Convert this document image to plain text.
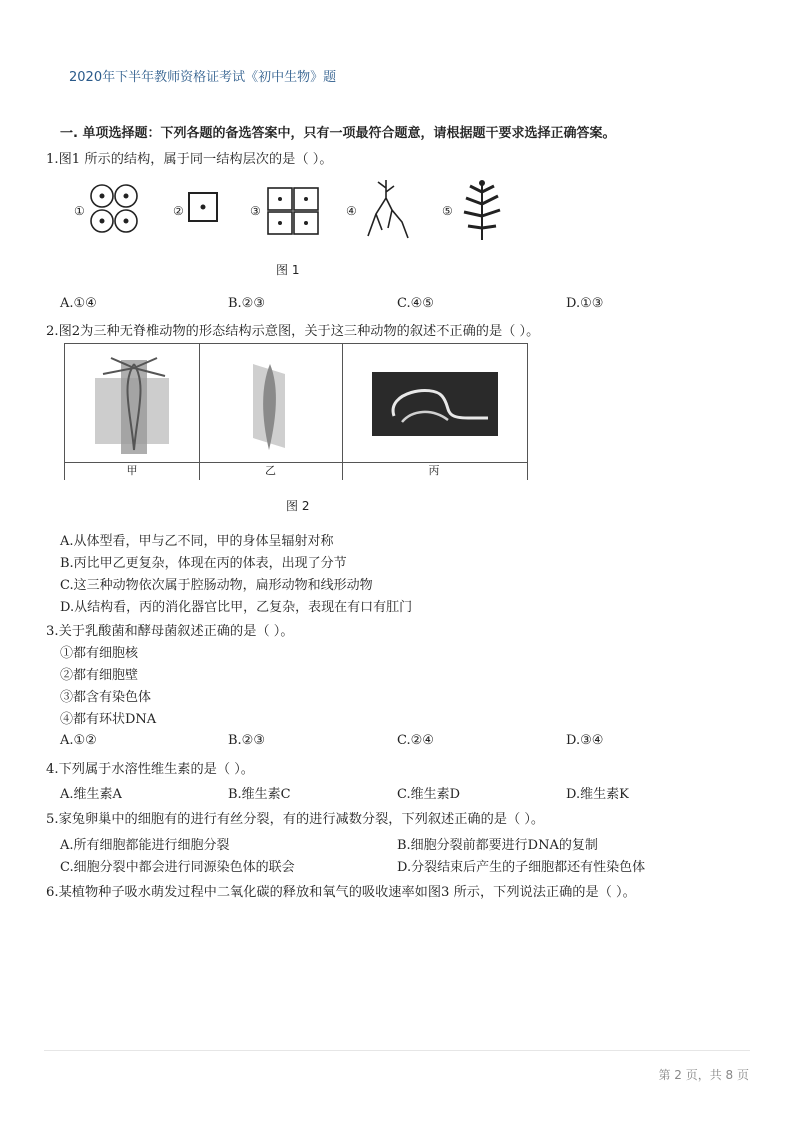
2020年下半年教师资格证考试《初中生物》题
一. 单项选择题：下列各题的备选答案中，只有一项最符合题意，请根据题干要求选择正确答案。
1.图1 所示的结构，属于同一结构层次的是（ ）。
①	②	③	④	⑤
图 1
A.①④	B.②③	C.④⑤	D.①③
2.图2为三种无脊椎动物的形态结构示意图，关于这三种动物的叙述不正确的是（ ）。
甲	乙	丙
图 2
A.从体型看，甲与乙不同，甲的身体呈辐射对称
B.丙比甲乙更复杂，体现在丙的体表，出现了分节
C.这三种动物依次属于腔肠动物，扁形动物和线形动物
D.从结构看，丙的消化器官比甲，乙复杂，表现在有口有肛门
3.关于乳酸菌和酵母菌叙述正确的是（ ）。
①都有细胞核
②都有细胞壁
③都含有染色体
④都有环状DNA
A.①②	B.②③	C.②④	D.③④
4.下列属于水溶性维生素的是（ ）。
A.维生素A	B.维生素C	C.维生素D	D.维生素K
5.家兔卵巢中的细胞有的进行有丝分裂，有的进行减数分裂，下列叙述正确的是（ ）。
A.所有细胞都能进行细胞分裂	B.细胞分裂前都要进行DNA的复制
C.细胞分裂中都会进行同源染色体的联会	D.分裂结束后产生的子细胞都还有性染色体
6.某植物种子吸水萌发过程中二氧化碳的释放和氧气的吸收速率如图3 所示，下列说法正确的是（ ）。
第 2 页，共 8 页
